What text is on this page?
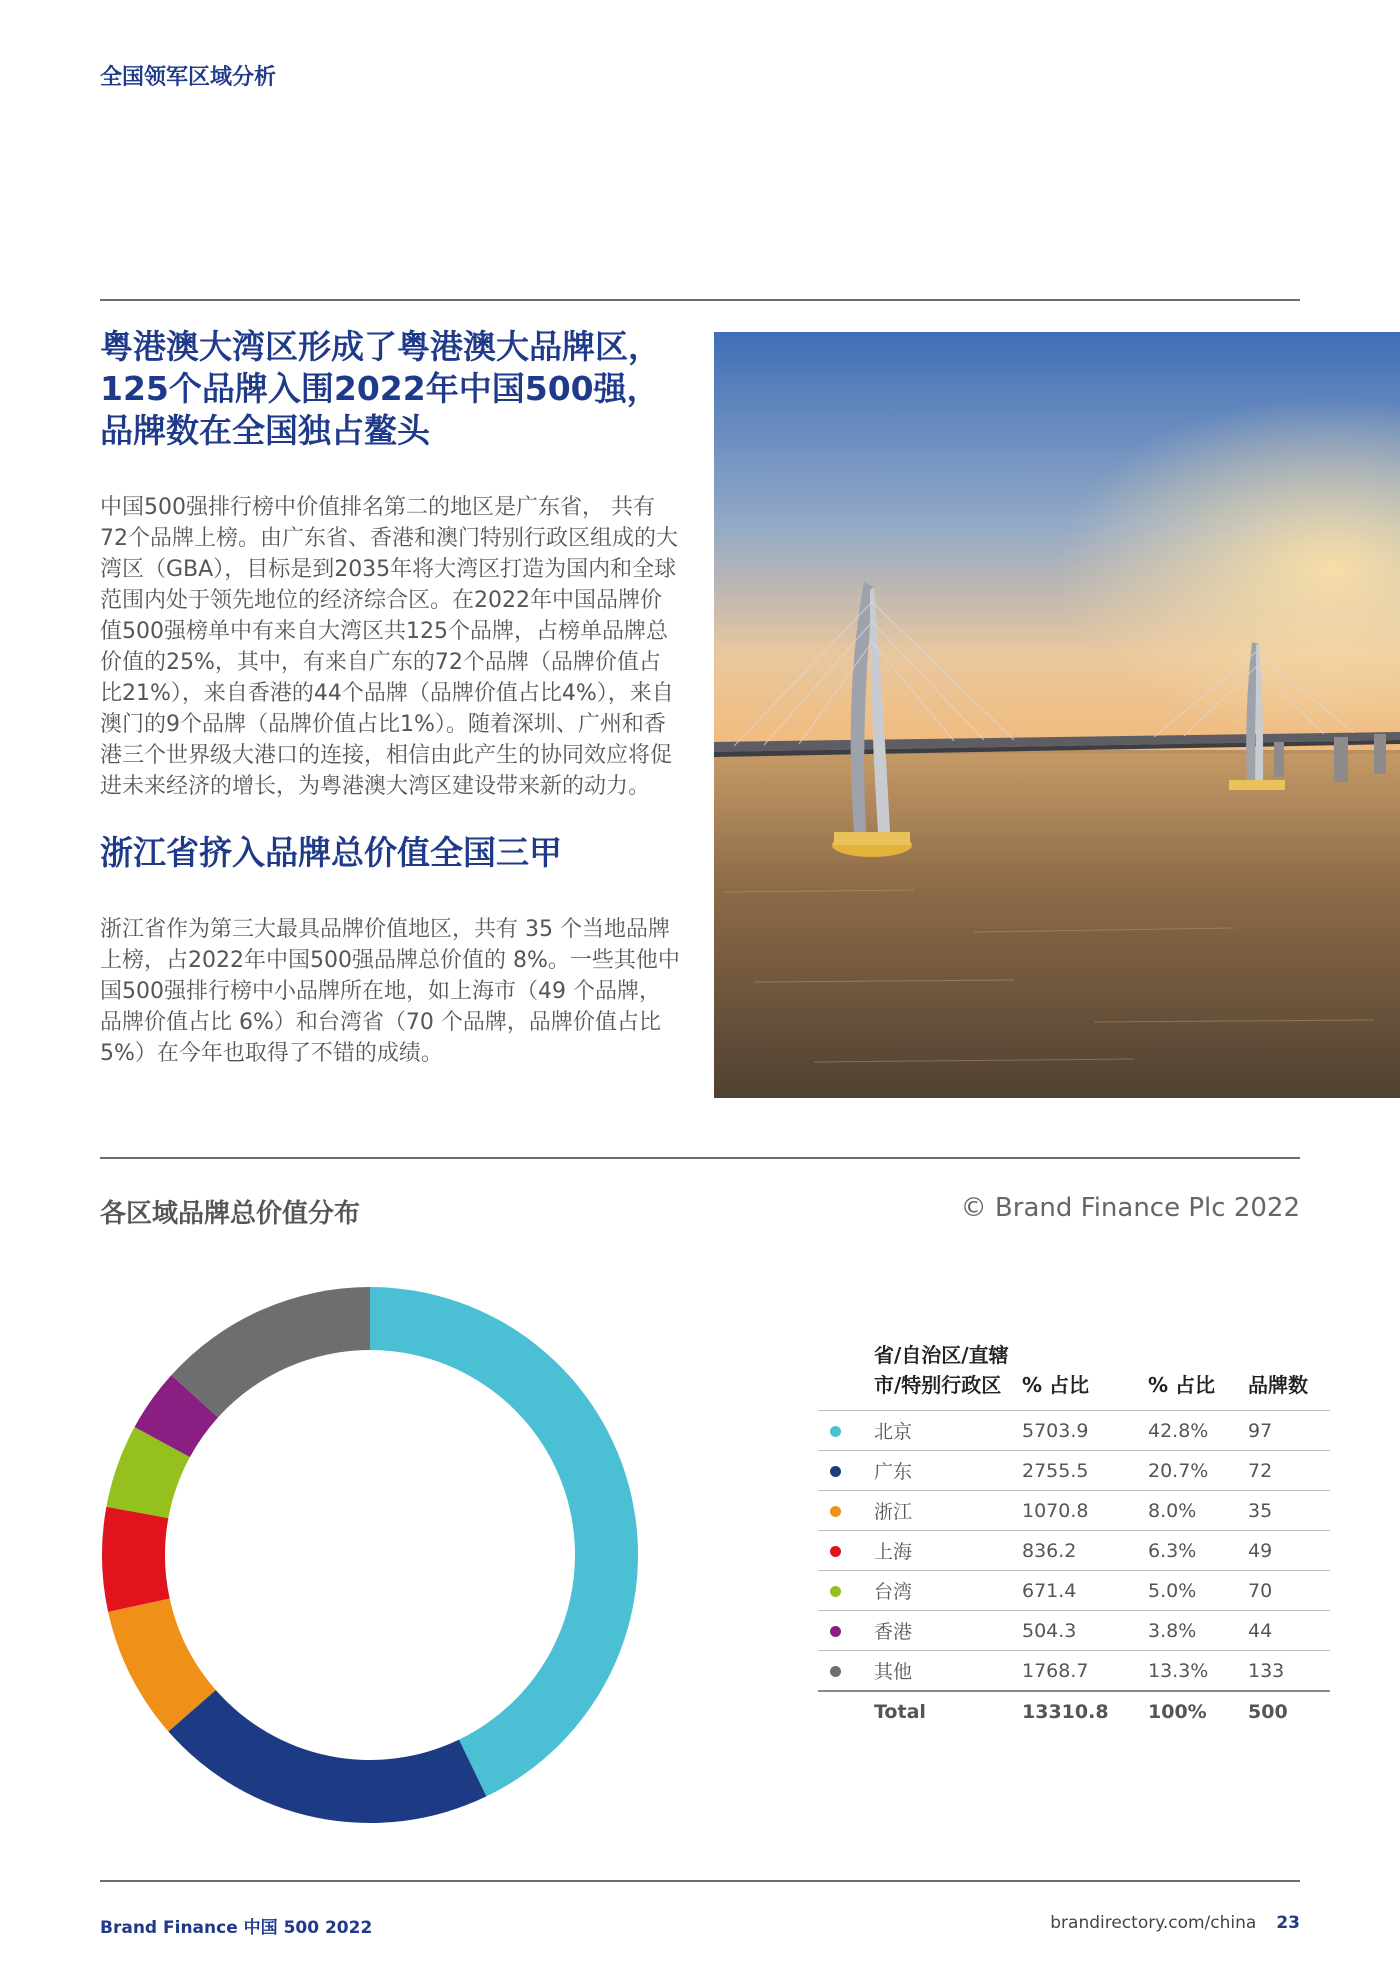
全国领军区域分析
粤港澳大湾区形成了粤港澳大品牌区，125个品牌入围2022年中国500强，品牌数在全国独占鳌头

中国500强排行榜中价值排名第二的地区是广东省， 共有72个品牌上榜。由广东省、香港和澳门特别行政区组成的大湾区（GBA），目标是到2035年将大湾区打造为国内和全球范围内处于领先地位的经济综合区。在2022年中国品牌价值500强榜单中有来自大湾区共125个品牌，占榜单品牌总价值的25%，其中，有来自广东的72个品牌（品牌价值占比21%），来自香港的44个品牌（品牌价值占比4%），来自澳门的9个品牌（品牌价值占比1%）。随着深圳、广州和香港三个世界级大港口的连接，相信由此产生的协同效应将促进未来经济的增长，为粤港澳大湾区建设带来新的动力。

浙江省挤入品牌总价值全国三甲

浙江省作为第三大最具品牌价值地区，共有 35 个当地品牌上榜，占2022年中国500强品牌总价值的 8%。一些其他中国500强排行榜中小品牌所在地，如上海市（49 个品牌，品牌价值占比 6%）和台湾省（70 个品牌，品牌价值占比 5%）在今年也取得了不错的成绩。

各区域品牌总价值分布	© Brand Finance Plc 2022
	省/自治区/直辖市/特别行政区	% 占比	% 占比	品牌数
	北京	5703.9	42.8%	97
	广东	2755.5	20.7%	72
	浙江	1070.8	8.0%	35
	上海	836.2	6.3%	49
	台湾	671.4	5.0%	70
	香港	504.3	3.8%	44
	其他	1768.7	13.3%	133
	Total	13310.8	100%	500
Brand Finance 中国 500 2022	brandirectory.com/china 23
